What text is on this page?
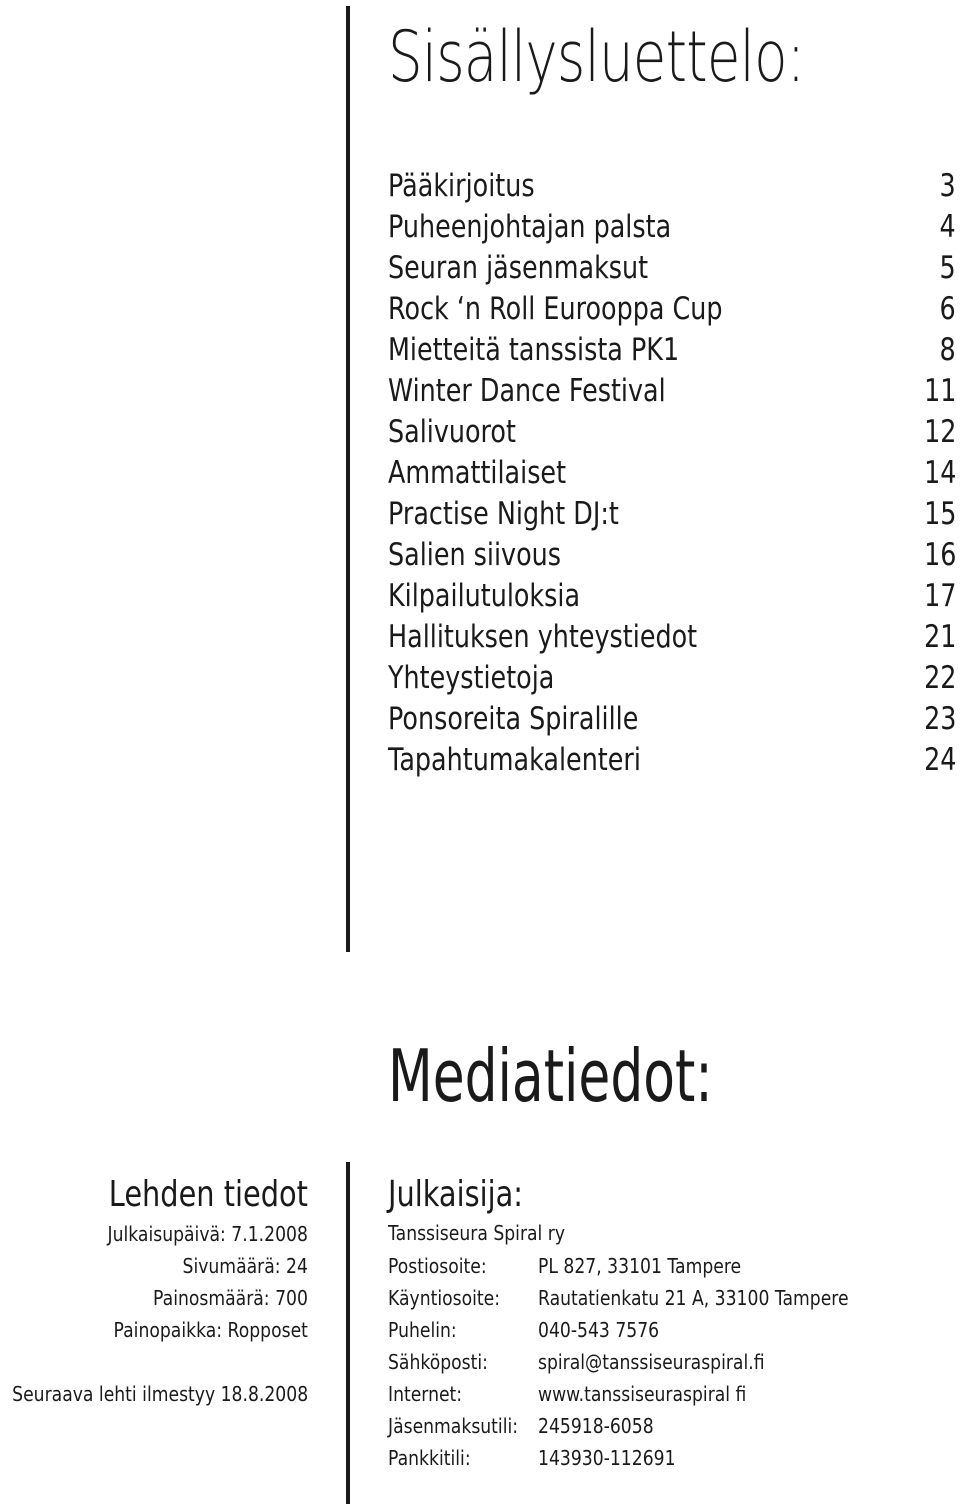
Sisällysluettelo:
Pääkirjoitus	3
Puheenjohtajan palsta	4
Seuran jäsenmaksut	5
Rock ‘n Roll Eurooppa Cup	6
Mietteitä tanssista PK1	8
Winter Dance Festival	11
Salivuorot	12
Ammattilaiset	14
Practise Night DJ:t	15
Salien siivous	16
Kilpailutuloksia	17
Hallituksen yhteystiedot	21
Yhteystietoja	22
Ponsoreita Spiralille	23
Tapahtumakalenteri	24
Mediatiedot:
Lehden tiedot
Julkaisupäivä: 7.1.2008
Sivumäärä: 24
Painosmäärä: 700
Painopaikka: Ropposet
Seuraava lehti ilmestyy 18.8.2008
Julkaisija:
Tanssiseura Spiral ry
Postiosoite:	PL 827, 33101 Tampere
Käyntiosoite: Rautatienkatu 21 A, 33100 Tampere
Puhelin:	040-543 7576
Sähköposti:	spiral@tanssiseuraspiral.fi
Internet:	www.tanssiseuraspiral fi
Jäsenmaksutili: 245918-6058
Pankkitili:	143930-112691
